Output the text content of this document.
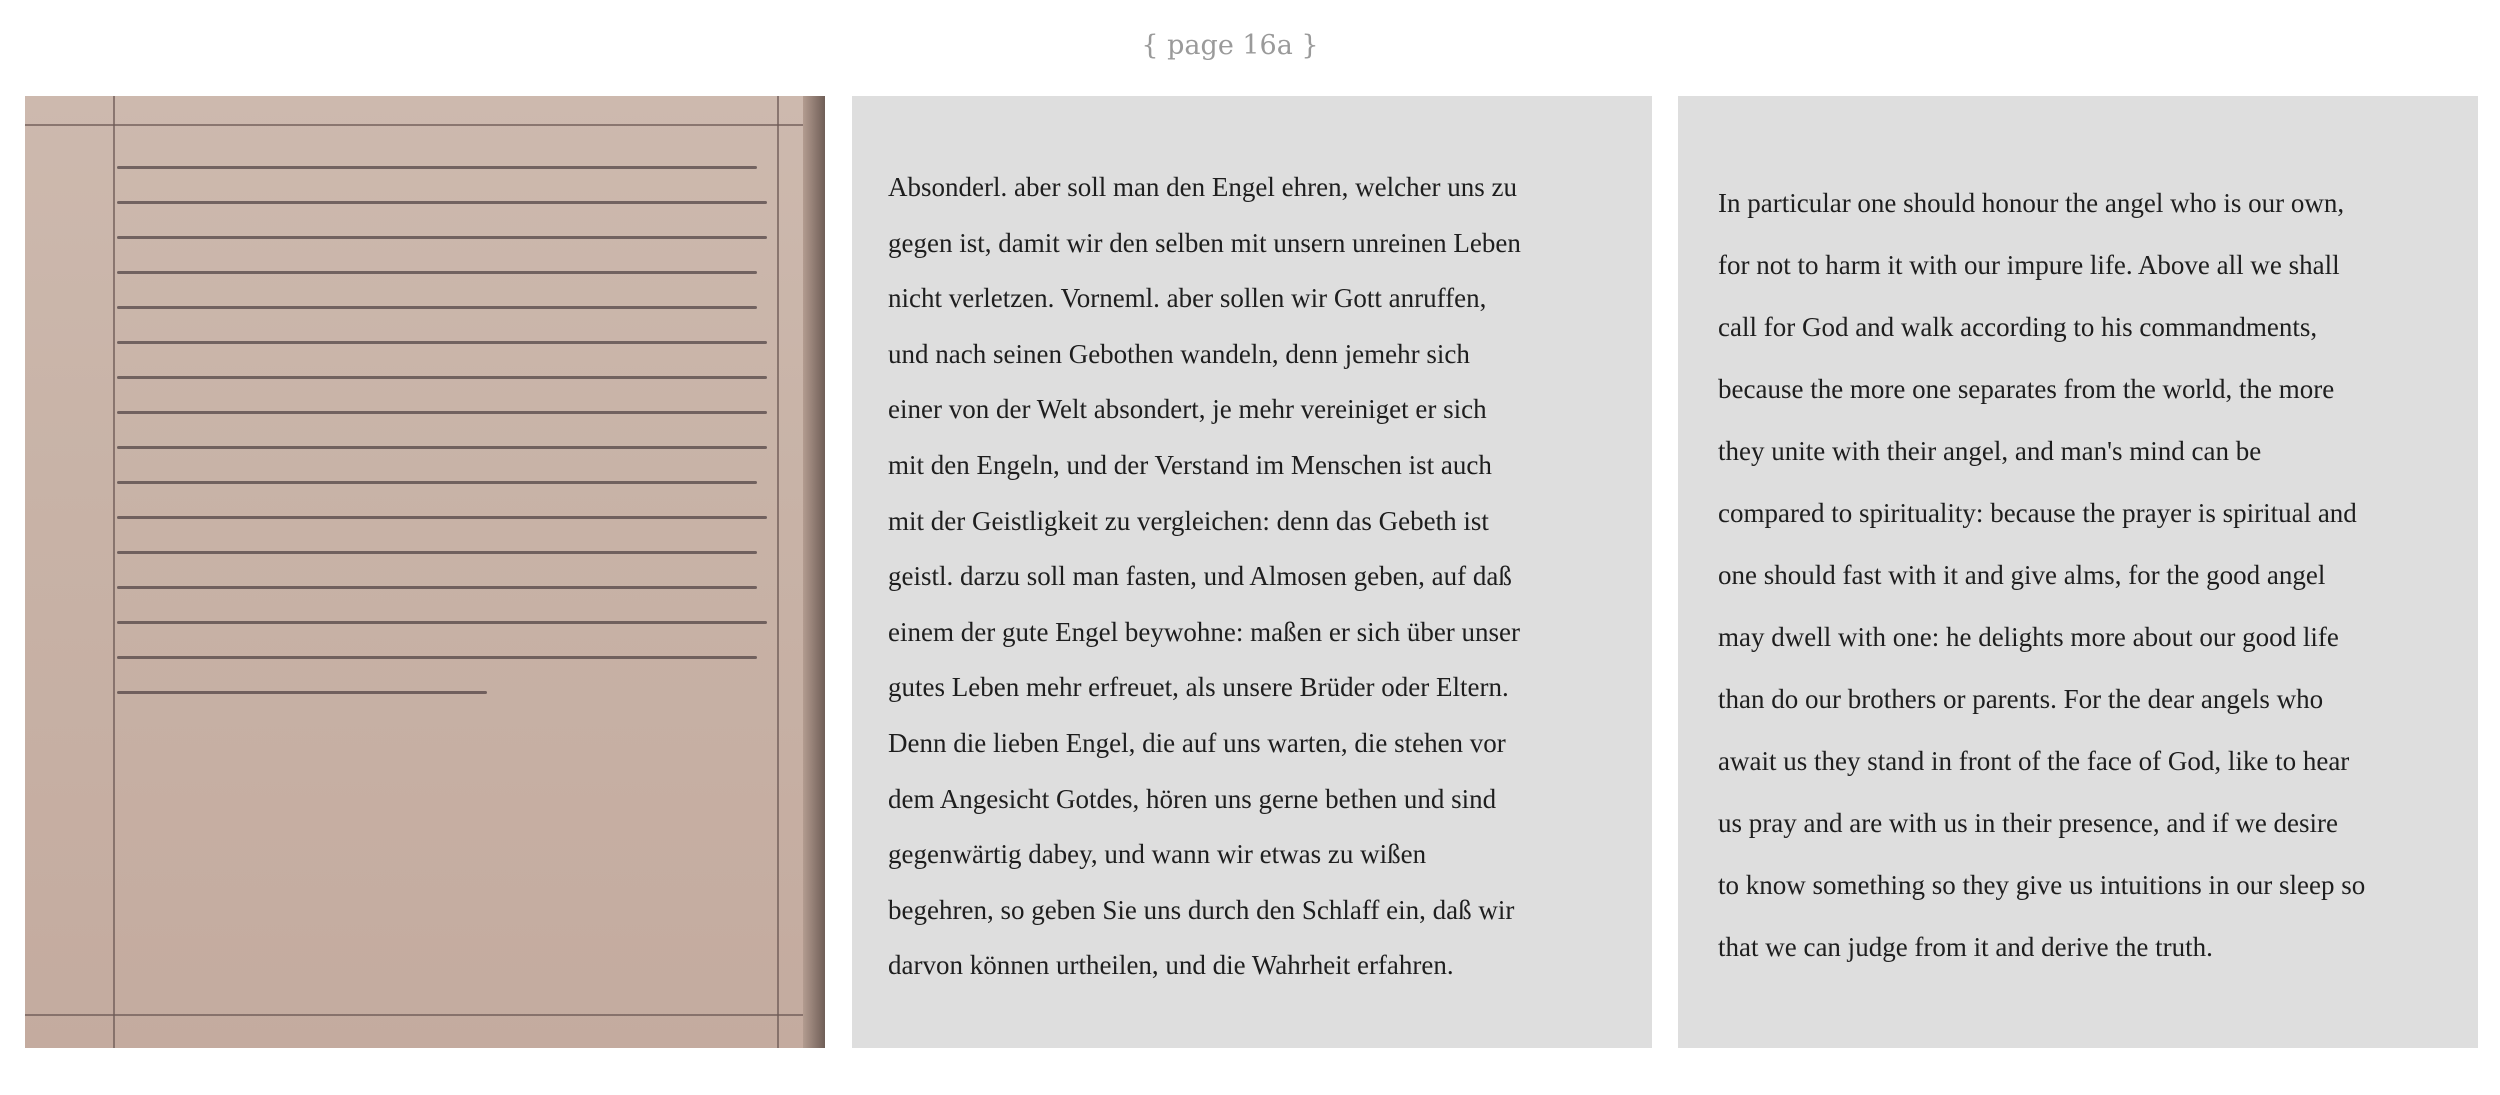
{ page 16a }
Absonderl. aber soll man den Engel ehren, welcher uns zu
gegen ist, damit wir den selben mit unsern unreinen Leben
nicht verletzen. Vorneml. aber sollen wir Gott anruffen,
und nach seinen Gebothen wandeln, denn jemehr sich
einer von der Welt absondert, je mehr vereiniget er sich
mit den Engeln, und der Verstand im Menschen ist auch
mit der Geistligkeit zu vergleichen: denn das Gebeth ist
geistl. darzu soll man fasten, und Almosen geben, auf daß
einem der gute Engel beywohne: maßen er sich über unser
gutes Leben mehr erfreuet, als unsere Brüder oder Eltern.
Denn die lieben Engel, die auf uns warten, die stehen vor
dem Angesicht Gotdes, hören uns gerne bethen und sind
gegenwärtig dabey, und wann wir etwas zu wißen
begehren, so geben Sie uns durch den Schlaff ein, daß wir
darvon können urtheilen, und die Wahrheit erfahren.
In particular one should honour the angel who is our own,
for not to harm it with our impure life. Above all we shall
call for God and walk according to his commandments,
because the more one separates from the world, the more
they unite with their angel, and man's mind can be
compared to spirituality: because the prayer is spiritual and
one should fast with it and give alms, for the good angel
may dwell with one: he delights more about our good life
than do our brothers or parents. For the dear angels who
await us they stand in front of the face of God, like to hear
us pray and are with us in their presence, and if we desire
to know something so they give us intuitions in our sleep so
that we can judge from it and derive the truth.
